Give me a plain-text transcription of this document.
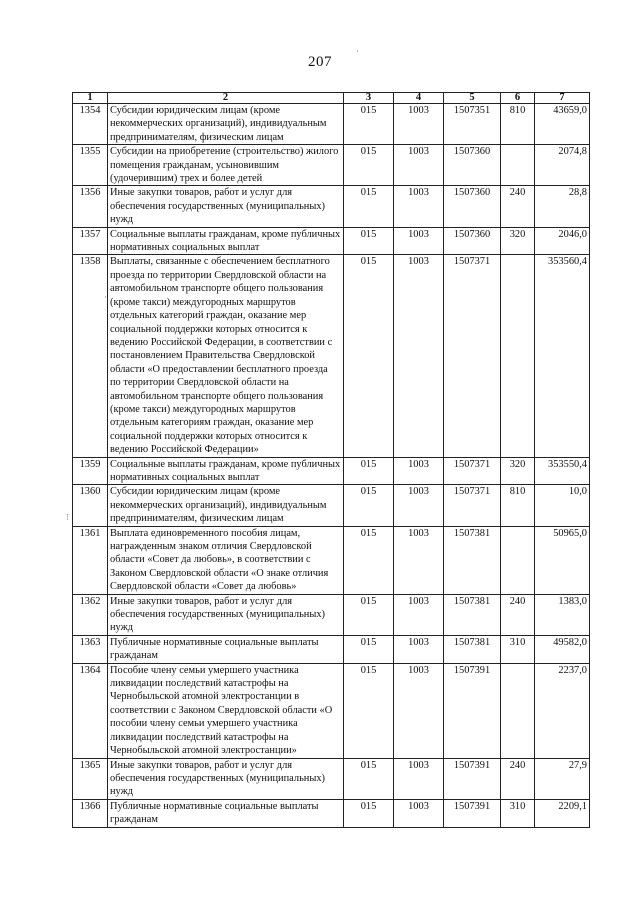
207
1	2	3	4	5	6	7
1354	Субсидии юридическим лицам (кроме некоммерческих организаций), индивидуальным предпринимателям, физическим лицам	015	1003	1507351	810	43659,0
1355	Субсидии на приобретение (строительство) жилого помещения гражданам, усыновившим (удочерившим) трех и более детей	015	1003	1507360		2074,8
1356	Иные закупки товаров, работ и услуг для обеспечения государственных (муниципальных) нужд	015	1003	1507360	240	28,8
1357	Социальные выплаты гражданам, кроме публичных нормативных социальных выплат	015	1003	1507360	320	2046,0
1358	Выплаты, связанные с обеспечением бесплатного проезда по территории Свердловской области на автомобильном транспорте общего пользования (кроме такси) междугородных маршрутов отдельных категорий граждан, оказание мер социальной поддержки которых относится к ведению Российской Федерации, в соответствии с постановлением Правительства Свердловской области «О предоставлении бесплатного проезда по территории Свердловской области на автомобильном транспорте общего пользования (кроме такси) междугородных маршрутов отдельным категориям граждан, оказание мер социальной поддержки которых относится к ведению Российской Федерации»	015	1003	1507371		353560,4
1359	Социальные выплаты гражданам, кроме публичных нормативных социальных выплат	015	1003	1507371	320	353550,4
1360	Субсидии юридическим лицам (кроме некоммерческих организаций), индивидуальным предпринимателям, физическим лицам	015	1003	1507371	810	10,0
1361	Выплата единовременного пособия лицам, награжденным знаком отличия Свердловской области «Совет да любовь», в соответствии с Законом Свердловской области «О знаке отличия Свердловской области «Совет да любовь»	015	1003	1507381		50965,0
1362	Иные закупки товаров, работ и услуг для обеспечения государственных (муниципальных) нужд	015	1003	1507381	240	1383,0
1363	Публичные нормативные социальные выплаты гражданам	015	1003	1507381	310	49582,0
1364	Пособие члену семьи умершего участника ликвидации последствий катастрофы на Чернобыльской атомной электростанции в соответствии с Законом Свердловской области «О пособии члену семьи умершего участника ликвидации последствий катастрофы на Чернобыльской атомной электростанции»	015	1003	1507391		2237,0
1365	Иные закупки товаров, работ и услуг для обеспечения государственных (муниципальных) нужд	015	1003	1507391	240	27,9
1366	Публичные нормативные социальные выплаты гражданам	015	1003	1507391	310	2209,1
·
⁝
·
